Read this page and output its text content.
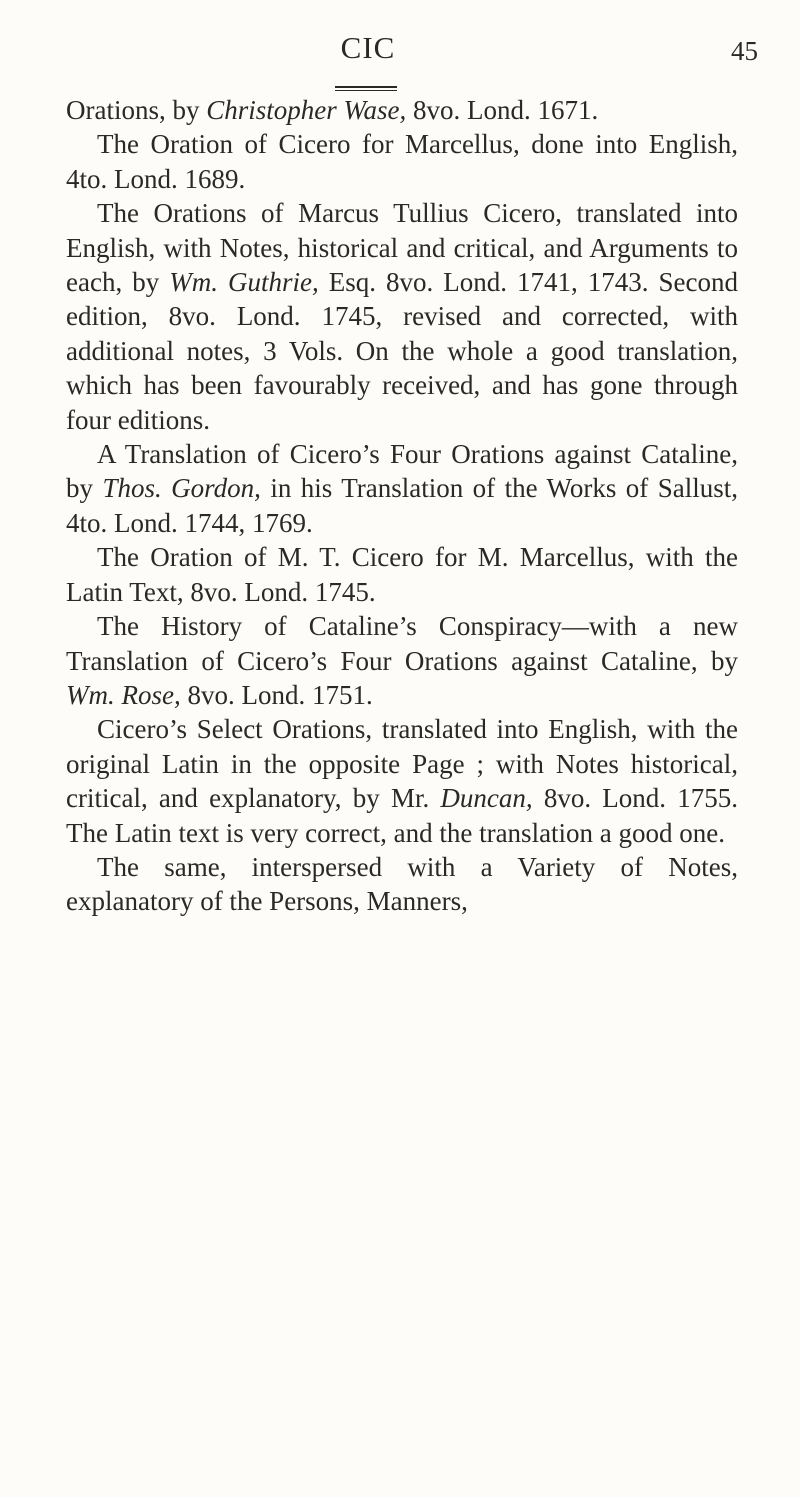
CIC	45

Orations, by Christopher Wase, 8vo. Lond. 1671.

The Oration of Cicero for Marcellus, done into English, 4to. Lond. 1689.

The Orations of Marcus Tullius Cicero, translated into English, with Notes, historical and critical, and Arguments to each, by Wm. Guthrie, Esq. 8vo. Lond. 1741, 1743. Second edition, 8vo. Lond. 1745, revised and corrected, with additional notes, 3 Vols. On the whole a good translation, which has been favourably received, and has gone through four editions.

A Translation of Cicero’s Four Orations against Cataline, by Thos. Gordon, in his Translation of the Works of Sallust, 4to. Lond. 1744, 1769.

The Oration of M. T. Cicero for M. Marcellus, with the Latin Text, 8vo. Lond. 1745.

The History of Cataline’s Conspiracy—with a new Translation of Cicero’s Four Orations against Cataline, by Wm. Rose, 8vo. Lond. 1751.

Cicero’s Select Orations, translated into English, with the original Latin in the opposite Page ; with Notes historical, critical, and explanatory, by Mr. Duncan, 8vo. Lond. 1755. The Latin text is very correct, and the translation a good one.

The same, interspersed with a Variety of Notes, explanatory of the Persons, Manners,
